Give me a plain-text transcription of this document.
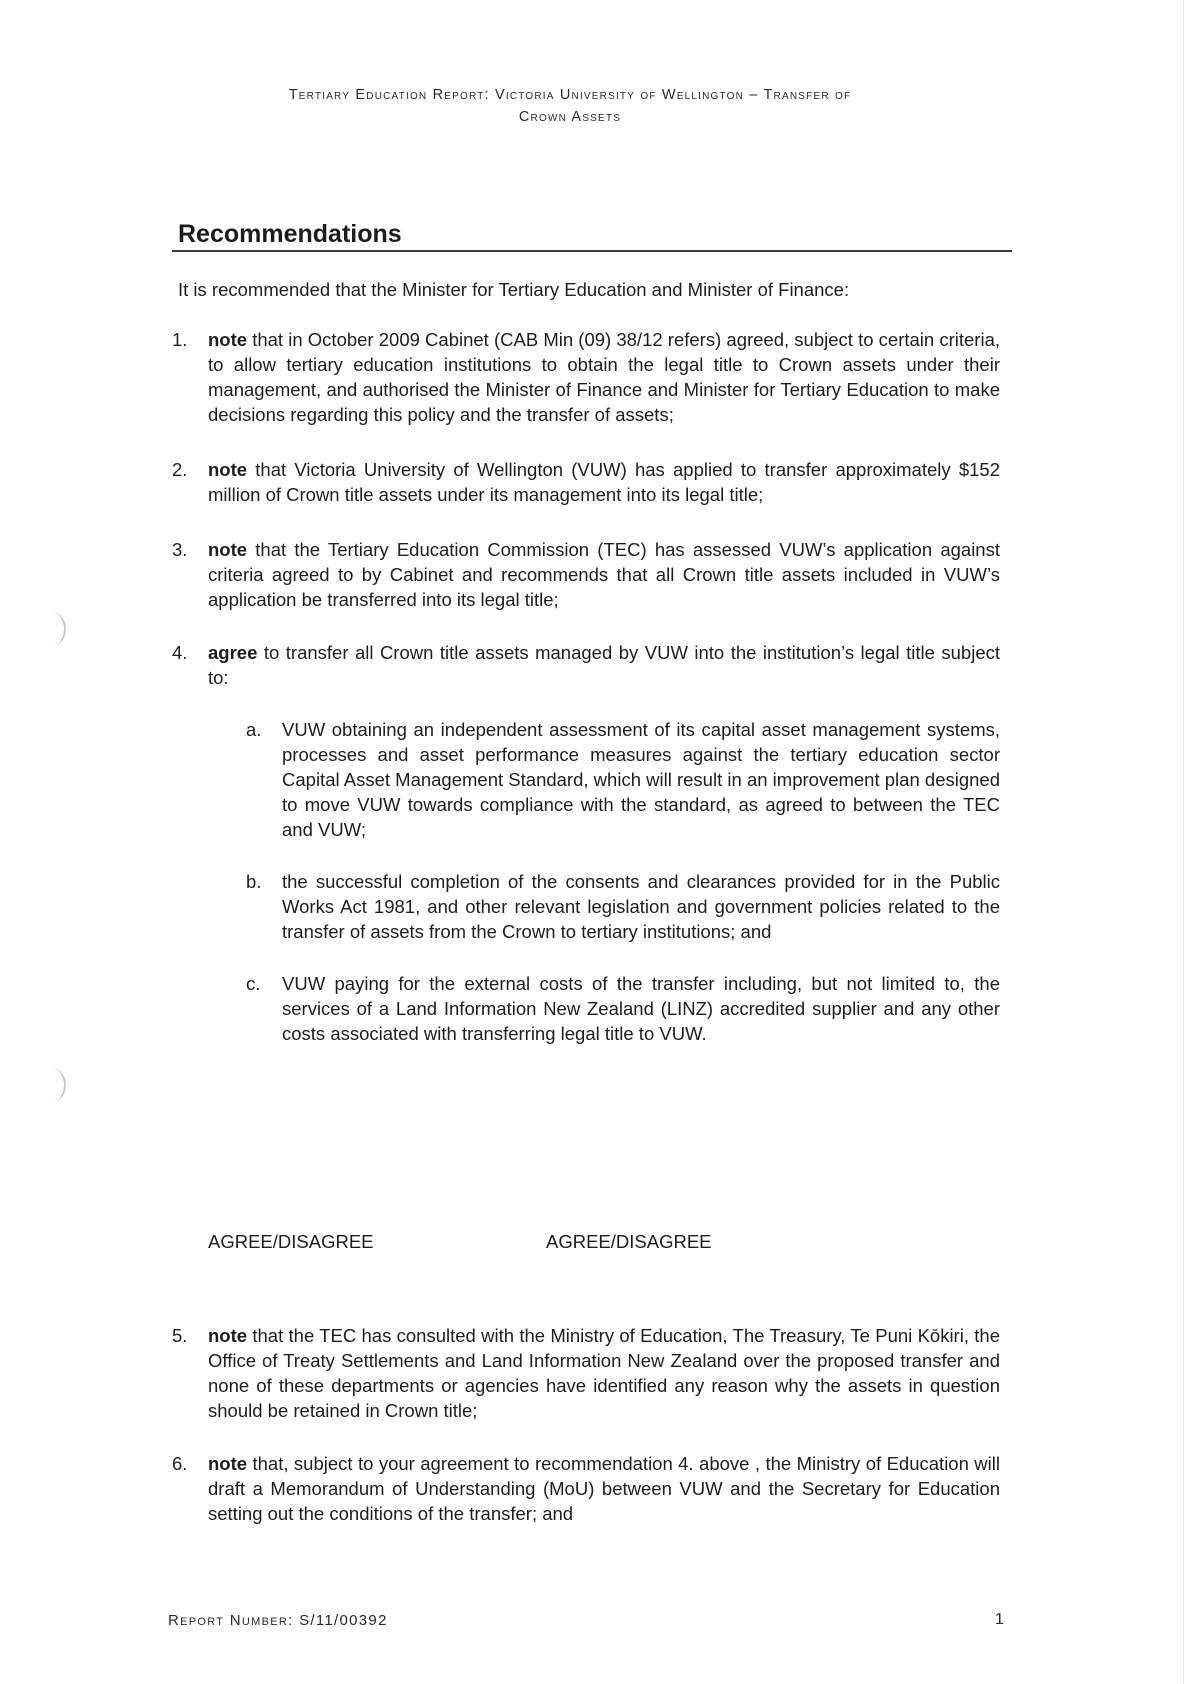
Tertiary Education Report: Victoria University of Wellington – Transfer of
Crown Assets
Recommendations
It is recommended that the Minister for Tertiary Education and Minister of Finance:
1. note that in October 2009 Cabinet (CAB Min (09) 38/12 refers) agreed, subject to certain criteria, to allow tertiary education institutions to obtain the legal title to Crown assets under their management, and authorised the Minister of Finance and Minister for Tertiary Education to make decisions regarding this policy and the transfer of assets;
2. note that Victoria University of Wellington (VUW) has applied to transfer approximately $152 million of Crown title assets under its management into its legal title;
3. note that the Tertiary Education Commission (TEC) has assessed VUW’s application against criteria agreed to by Cabinet and recommends that all Crown title assets included in VUW’s application be transferred into its legal title;
4. agree to transfer all Crown title assets managed by VUW into the institution’s legal title subject to:
a. VUW obtaining an independent assessment of its capital asset management systems, processes and asset performance measures against the tertiary education sector Capital Asset Management Standard, which will result in an improvement plan designed to move VUW towards compliance with the standard, as agreed to between the TEC and VUW;
b. the successful completion of the consents and clearances provided for in the Public Works Act 1981, and other relevant legislation and government policies related to the transfer of assets from the Crown to tertiary institutions; and
c. VUW paying for the external costs of the transfer including, but not limited to, the services of a Land Information New Zealand (LINZ) accredited supplier and any other costs associated with transferring legal title to VUW.
AGREE/DISAGREE	AGREE/DISAGREE
5. note that the TEC has consulted with the Ministry of Education, The Treasury, Te Puni Kōkiri, the Office of Treaty Settlements and Land Information New Zealand over the proposed transfer and none of these departments or agencies have identified any reason why the assets in question should be retained in Crown title;
6. note that, subject to your agreement to recommendation 4. above , the Ministry of Education will draft a Memorandum of Understanding (MoU) between VUW and the Secretary for Education setting out the conditions of the transfer; and
Report Number: S/11/00392	1
